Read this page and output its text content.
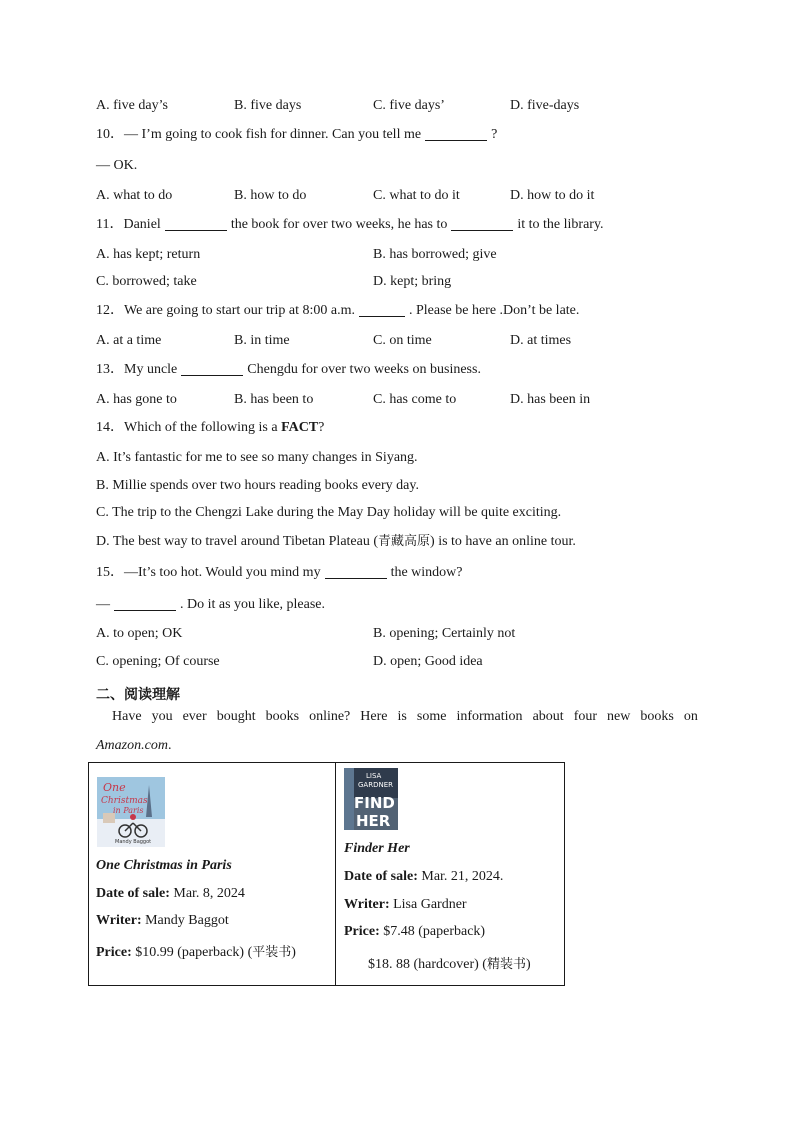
A. five day’s	B. five days	C. five days’	D. five-days
10．— I’m going to cook fish for dinner. Can you tell me	?
— OK.
A. what to do	B. how to do	C. what to do it	D. how to do it
11．Daniel	the book for over two weeks, he has to	it to the library.
A. has kept; return	B. has borrowed; give
C. borrowed; take	D. kept; bring
12．We are going to start our trip at 8:00 a.m.	. Please be here .Don’t be late.
A. at a time	B. in time	C. on time	D. at times
13．My uncle	Chengdu for over two weeks on business.
A. has gone to	B. has been to	C. has come to	D. has been in
14．Which of the following is a FACT?
A. It’s fantastic for me to see so many changes in Siyang.
B. Millie spends over two hours reading books every day.
C. The trip to the Chengzi Lake during the May Day holiday will be quite exciting.
D. The best way to travel around Tibetan Plateau (青藏高原) is to have an online tour.
15．—It’s too hot. Would you mind my	the window?
—	. Do it as you like, please.
A. to open; OK	B. opening; Certainly not
C. opening; Of course	D. open; Good idea
二、阅读理解
Have you ever bought books online? Here is some information about four new books on
Amazon.com.
One
Christmas
in Paris
Mandy Baggot
One Christmas in Paris
Date of sale: Mar. 8, 2024
Writer: Mandy Baggot
Price: $10.99 (paperback) (平装书)
LISA
GARDNER
FIND
HER
Finder Her
Date of sale: Mar. 21, 2024.
Writer: Lisa Gardner
Price: $7.48 (paperback)
$18. 88 (hardcover) (精装书)
